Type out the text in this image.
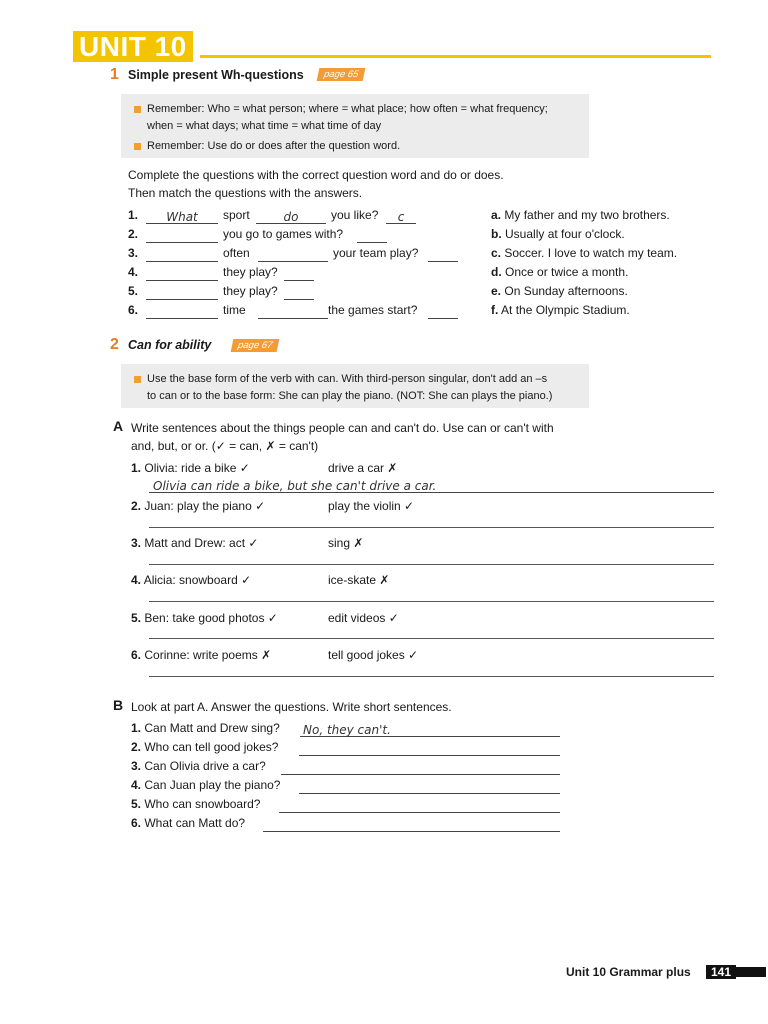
UNIT 10
1 Simple present Wh-questions	page 65
Remember: Who = what person; where = what place; how often = what frequency;
when = what days; what time = what time of day
Remember: Use do or does after the question word.
Complete the questions with the correct question word and do or does.
Then match the questions with the answers.
1.	What	sport	do	you like?	c
2.	you go to games with?
3.	often	your team play?
4.	they play?
5.	they play?
6.	time	the games start?
a. My father and my two brothers.
b. Usually at four o'clock.
c. Soccer. I love to watch my team.
d. Once or twice a month.
e. On Sunday afternoons.
f. At the Olympic Stadium.
2 Can for ability	page 67
Use the base form of the verb with can. With third-person singular, don't add an –s
to can or to the base form: She can play the piano. (NOT: She can plays the piano.)
A Write sentences about the things people can and can't do. Use can or can't with
and, but, or or. (✓ = can, ✗ = can't)
1. Olivia: ride a bike ✓	drive a car ✗
Olivia can ride a bike, but she can't drive a car.
2. Juan: play the piano ✓	play the violin ✓
3. Matt and Drew: act ✓	sing ✗
4. Alicia: snowboard ✓	ice-skate ✗
5. Ben: take good photos ✓	edit videos ✓
6. Corinne: write poems ✗	tell good jokes ✓
B Look at part A. Answer the questions. Write short sentences.
1. Can Matt and Drew sing? No, they can't.
2. Who can tell good jokes?
3. Can Olivia drive a car?
4. Can Juan play the piano?
5. Who can snowboard?
6. What can Matt do?
Unit 10 Grammar plus	141
